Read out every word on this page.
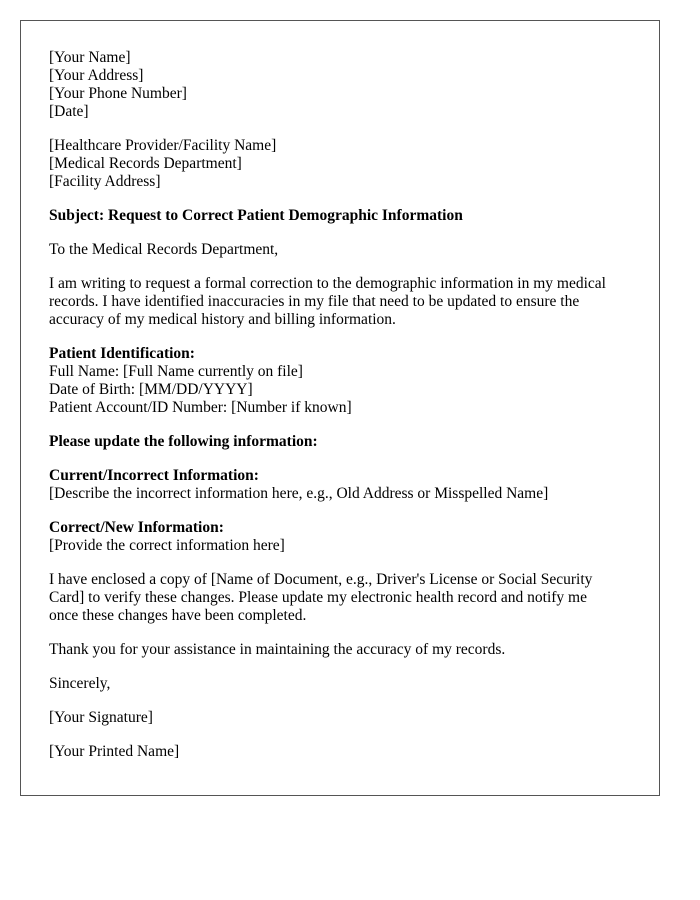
[Your Name]
[Your Address]
[Your Phone Number]
[Date]
[Healthcare Provider/Facility Name]
[Medical Records Department]
[Facility Address]

Subject: Request to Correct Patient Demographic Information

To the Medical Records Department,

I am writing to request a formal correction to the demographic information in my medical
records. I have identified inaccuracies in my file that need to be updated to ensure the
accuracy of my medical history and billing information.
Patient Identification:
Full Name: [Full Name currently on file]
Date of Birth: [MM/DD/YYYY]
Patient Account/ID Number: [Number if known]

Please update the following information:

Current/Incorrect Information:
[Describe the incorrect information here, e.g., Old Address or Misspelled Name]
Correct/New Information:
[Provide the correct information here]
I have enclosed a copy of [Name of Document, e.g., Driver's License or Social Security
Card] to verify these changes. Please update my electronic health record and notify me
once these changes have been completed.

Thank you for your assistance in maintaining the accuracy of my records.

Sincerely,

[Your Signature]

[Your Printed Name]
